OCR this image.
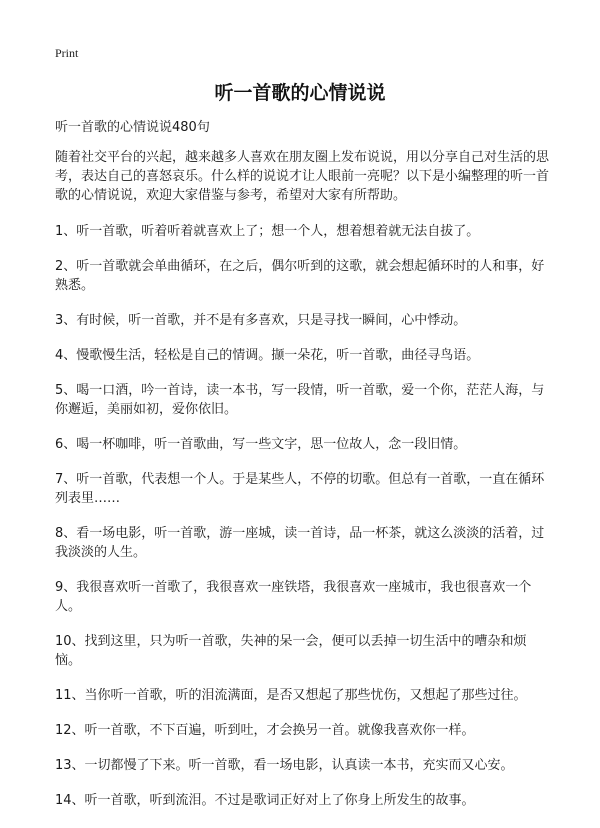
Print
听一首歌的心情说说

听一首歌的心情说说480句

随着社交平台的兴起，越来越多人喜欢在朋友圈上发布说说，用以分享自己对生活的思考，表达自己的喜怒哀乐。什么样的说说才让人眼前一亮呢？以下是小编整理的听一首歌的心情说说，欢迎大家借鉴与参考，希望对大家有所帮助。

1、听一首歌，听着听着就喜欢上了；想一个人，想着想着就无法自拔了。

2、听一首歌就会单曲循环，在之后，偶尔听到的这歌，就会想起循环时的人和事，好熟悉。

3、有时候，听一首歌，并不是有多喜欢，只是寻找一瞬间，心中悸动。

4、慢歌慢生活，轻松是自己的情调。撷一朵花，听一首歌，曲径寻鸟语。

5、喝一口酒，吟一首诗，读一本书，写一段情，听一首歌，爱一个你，茫茫人海，与你邂逅，美丽如初，爱你依旧。

6、喝一杯咖啡，听一首歌曲，写一些文字，思一位故人，念一段旧情。

7、听一首歌，代表想一个人。于是某些人，不停的切歌。但总有一首歌，一直在循环列表里……

8、看一场电影，听一首歌，游一座城，读一首诗，品一杯茶，就这么淡淡的活着，过我淡淡的人生。

9、我很喜欢听一首歌了，我很喜欢一座铁塔，我很喜欢一座城市，我也很喜欢一个人。

10、找到这里，只为听一首歌，失神的呆一会，便可以丢掉一切生活中的嘈杂和烦恼。

11、当你听一首歌，听的泪流满面，是否又想起了那些忧伤，又想起了那些过往。

12、听一首歌，不下百遍，听到吐，才会换另一首。就像我喜欢你一样。

13、一切都慢了下来。听一首歌，看一场电影，认真读一本书，充实而又心安。

14、听一首歌，听到流泪。不过是歌词正好对上了你身上所发生的故事。
